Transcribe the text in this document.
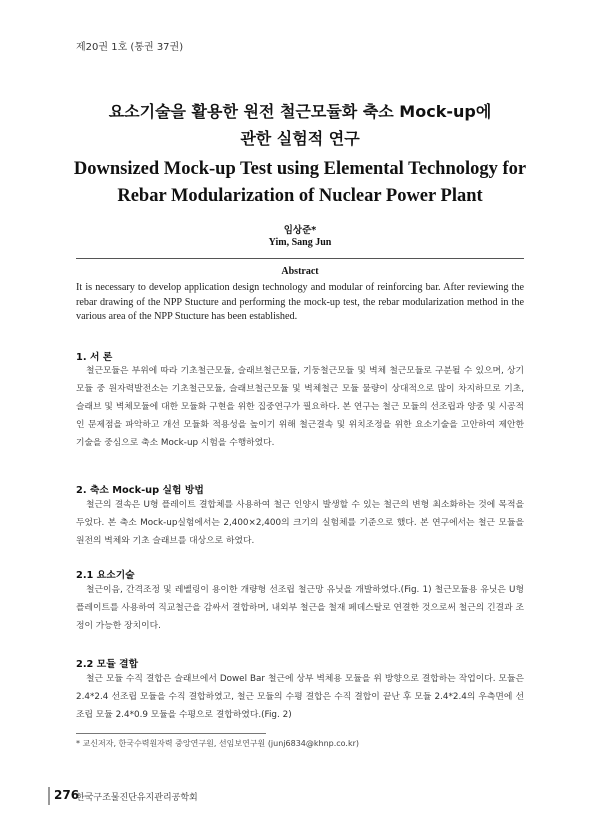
제20권 1호 (통권 37권)
요소기술을 활용한 원전 철근모듈화 축소 Mock-up에
관한 실험적 연구
Downsized Mock-up Test using Elemental Technology for
Rebar Modularization of Nuclear Power Plant
임상준*
Yim, Sang Jun
Abstract
It is necessary to develop application design technology and modular of reinforcing bar. After reviewing the rebar drawing of the NPP Stucture and performing the mock-up test, the rebar modularization method in the various area of the NPP Stucture has been established.
1. 서 론
철근모듈은 부위에 따라 기초철근모듈, 슬래브철근모듈, 기둥철근모듈 및 벽체 철근모듈로 구분될 수 있으며, 상기 모듈 중 원자력발전소는 기초철근모듈, 슬래브철근모듈 및 벽체철근 모듈 물량이 상대적으로 많이 차지하므로 기초, 슬래브 및 벽체모듈에 대한 모듈화 구현을 위한 집중연구가 필요하다. 본 연구는 철근 모듈의 선조립과 양중 및 시공적인 문제점을 파악하고 개선 모듈화 적용성을 높이기 위해 철근결속 및 위치조정을 위한 요소기술을 고안하여 제안한 기술을 중심으로 축소 Mock-up 시험을 수행하였다.
2. 축소 Mock-up 실험 방법
철근의 결속은 U형 플레이트 결합체를 사용하여 철근 인양시 발생할 수 있는 철근의 변형 최소화하는 것에 목적을 두었다. 본 축소 Mock-up실험에서는 2,400×2,400의 크기의 실험체를 기준으로 했다. 본 연구에서는 철근 모듈을 원전의 벽체와 기초 슬래브를 대상으로 하였다.
2.1 요소기술
철근이음, 간격조정 및 레벨링이 용이한 개량형 선조립 철근망 유닛을 개발하였다.(Fig. 1) 철근모듈용 유닛은 U형 플레이트를 사용하여 직교철근을 감싸서 결합하며, 내외부 철근을 철재 페데스탈로 연결한 것으로써 철근의 긴결과 조정이 가능한 장치이다.
2.2 모듈 결합
철근 모듈 수직 결합은 슬래브에서 Dowel Bar 철근에 상부 벽체용 모듈을 위 방향으로 결합하는 작업이다. 모듈은 2.4*2.4 선조립 모듈을 수직 결합하였고, 철근 모듈의 수평 결합은 수직 결합이 끝난 후 모듈 2.4*2.4의 우측면에 선조립 모듈 2.4*0.9 모듈을 수평으로 결합하였다.(Fig. 2)
* 교신저자, 한국수력원자력 중앙연구원, 선임보연구원 (junj6834@khnp.co.kr)
276
한국구조물진단유지관리공학회
